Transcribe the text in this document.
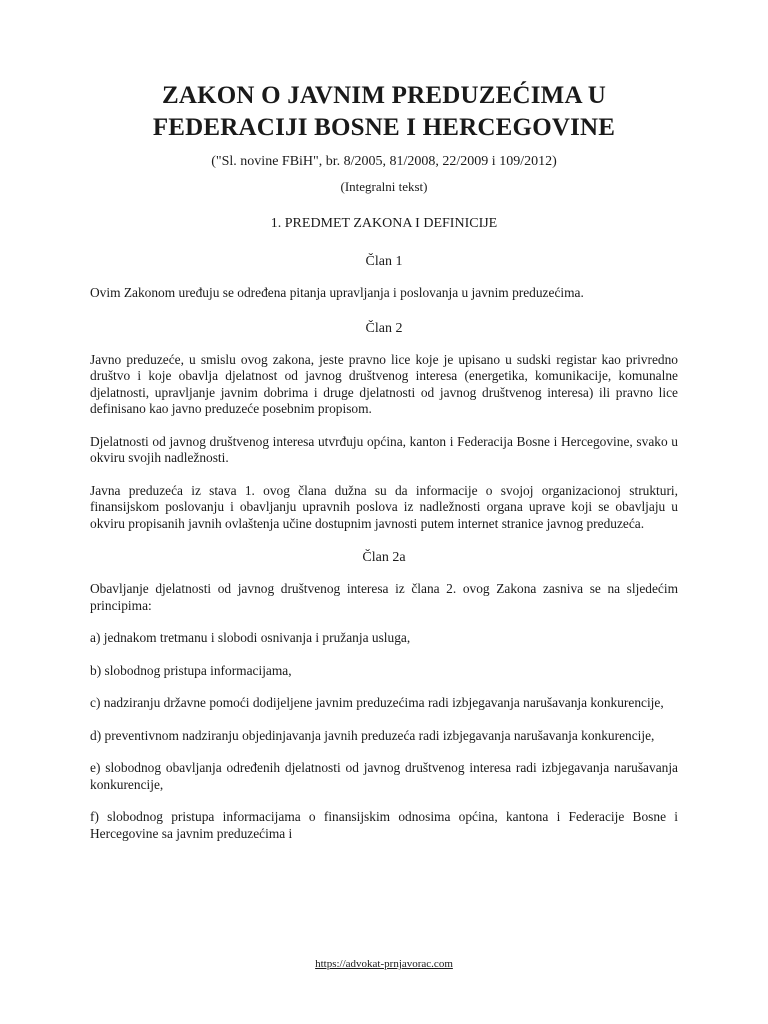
ZAKON O JAVNIM PREDUZEĆIMA U FEDERACIJI BOSNE I HERCEGOVINE

("Sl. novine FBiH", br. 8/2005, 81/2008, 22/2009 i 109/2012)

(Integralni tekst)

1. PREDMET ZAKONA I DEFINICIJE

Član 1

Ovim Zakonom uređuju se određena pitanja upravljanja i poslovanja u javnim preduzećima.

Član 2

Javno preduzeće, u smislu ovog zakona, jeste pravno lice koje je upisano u sudski registar kao privredno društvo i koje obavlja djelatnost od javnog društvenog interesa (energetika, komunikacije, komunalne djelatnosti, upravljanje javnim dobrima i druge djelatnosti od javnog društvenog interesa) ili pravno lice definisano kao javno preduzeće posebnim propisom.

Djelatnosti od javnog društvenog interesa utvrđuju općina, kanton i Federacija Bosne i Hercegovine, svako u okviru svojih nadležnosti.

Javna preduzeća iz stava 1. ovog člana dužna su da informacije o svojoj organizacionoj strukturi, finansijskom poslovanju i obavljanju upravnih poslova iz nadležnosti organa uprave koji se obavljaju u okviru propisanih javnih ovlaštenja učine dostupnim javnosti putem internet stranice javnog preduzeća.

Član 2a

Obavljanje djelatnosti od javnog društvenog interesa iz člana 2. ovog Zakona zasniva se na sljedećim principima:

a) jednakom tretmanu i slobodi osnivanja i pružanja usluga,

b) slobodnog pristupa informacijama,

c) nadziranju državne pomoći dodijeljene javnim preduzećima radi izbjegavanja narušavanja konkurencije,

d) preventivnom nadziranju objedinjavanja javnih preduzeća radi izbjegavanja narušavanja konkurencije,

e) slobodnog obavljanja određenih djelatnosti od javnog društvenog interesa radi izbjegavanja narušavanja konkurencije,

f) slobodnog pristupa informacijama o finansijskim odnosima općina, kantona i Federacije Bosne i Hercegovine sa javnim preduzećima i

https://advokat-prnjavorac.com
